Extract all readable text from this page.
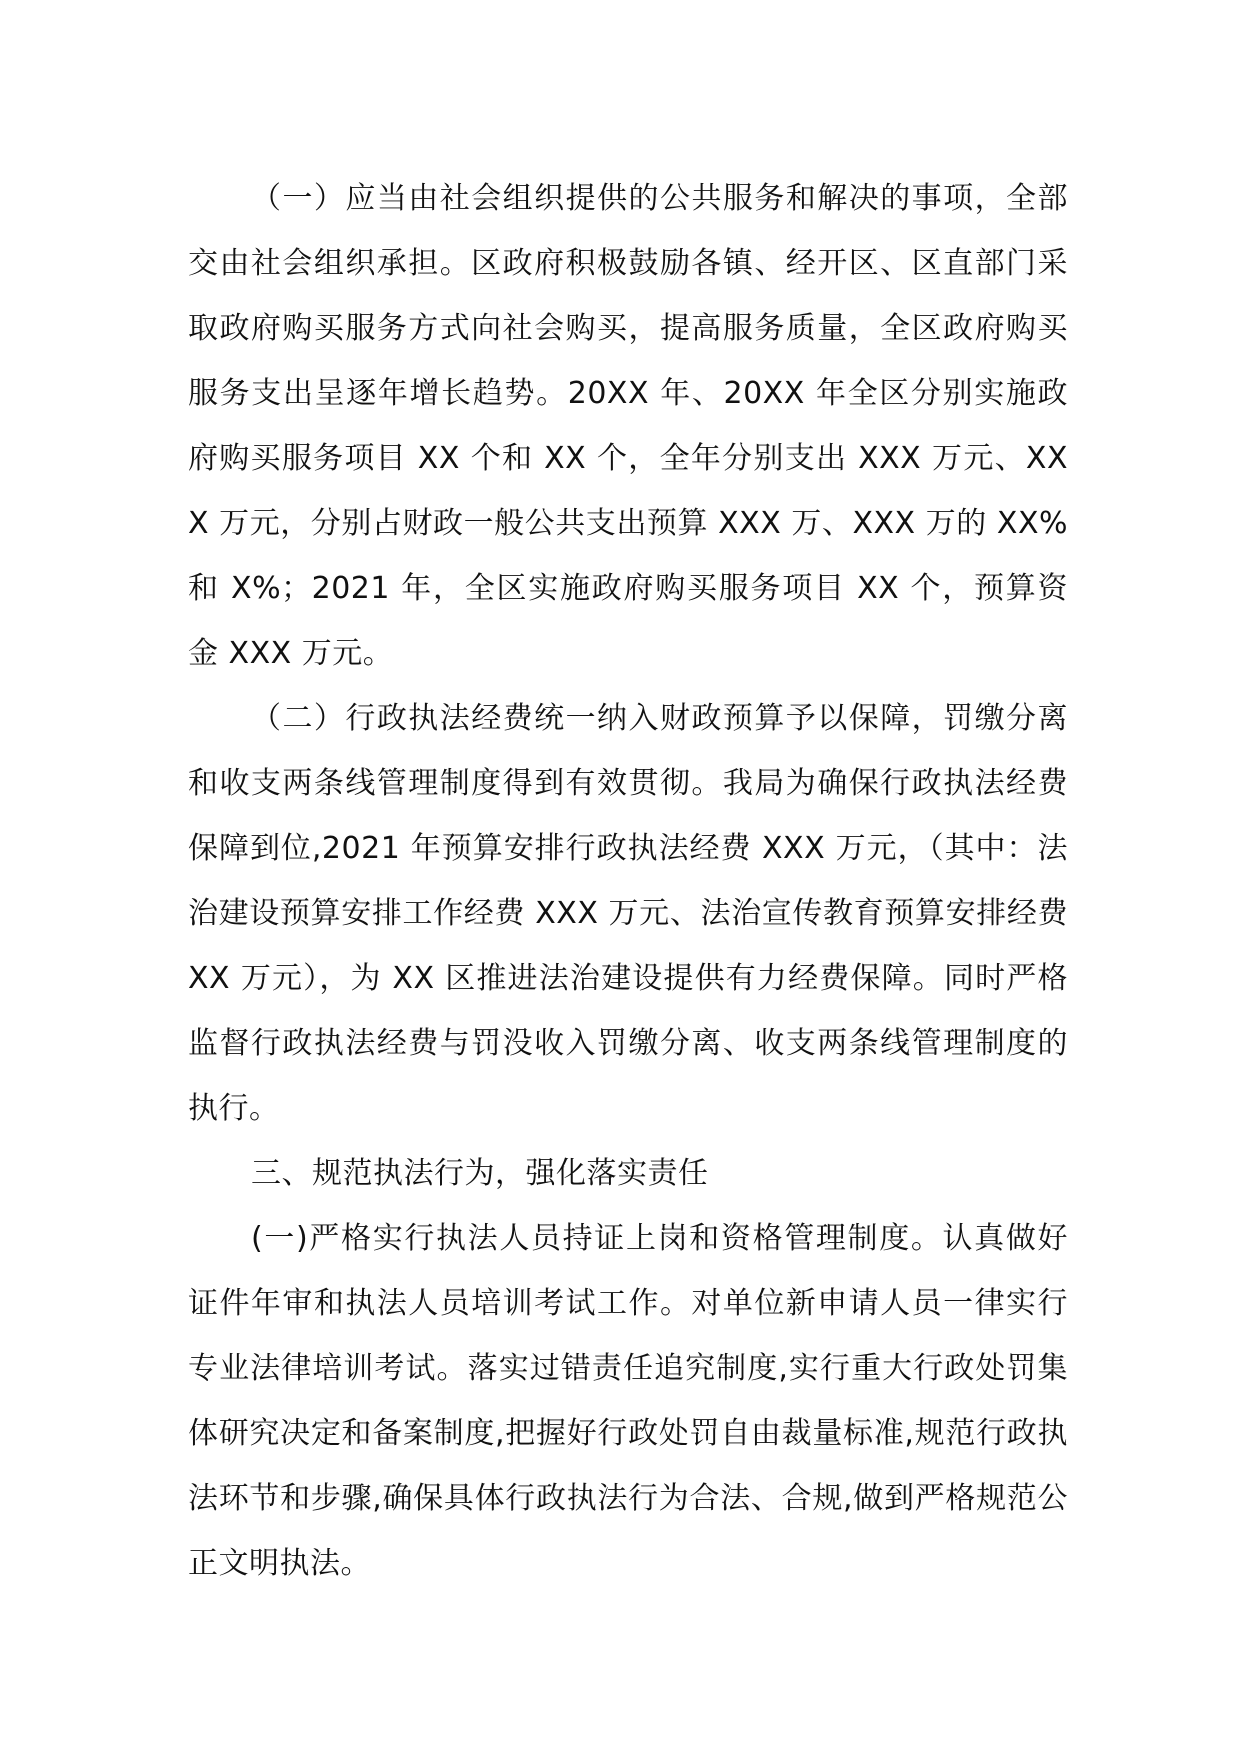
（一）应当由社会组织提供的公共服务和解决的事项，全部交由社会组织承担。区政府积极鼓励各镇、经开区、区直部门采取政府购买服务方式向社会购买，提高服务质量，全区政府购买服务支出呈逐年增长趋势。20XX 年、20XX 年全区分别实施政府购买服务项目 XX 个和 XX 个，全年分别支出 XXX 万元、XXX 万元，分别占财政一般公共支出预算 XXX 万、XXX 万的 XX%和 X%；2021 年，全区实施政府购买服务项目 XX 个，预算资金 XXX 万元。

（二）行政执法经费统一纳入财政预算予以保障，罚缴分离和收支两条线管理制度得到有效贯彻。我局为确保行政执法经费保障到位,2021 年预算安排行政执法经费 XXX 万元，（其中：法治建设预算安排工作经费 XXX 万元、法治宣传教育预算安排经费 XX 万元），为 XX 区推进法治建设提供有力经费保障。同时严格监督行政执法经费与罚没收入罚缴分离、收支两条线管理制度的执行。

三、规范执法行为，强化落实责任

(一)严格实行执法人员持证上岗和资格管理制度。认真做好证件年审和执法人员培训考试工作。对单位新申请人员一律实行专业法律培训考试。落实过错责任追究制度,实行重大行政处罚集体研究决定和备案制度,把握好行政处罚自由裁量标准,规范行政执法环节和步骤,确保具体行政执法行为合法、合规,做到严格规范公正文明执法。
